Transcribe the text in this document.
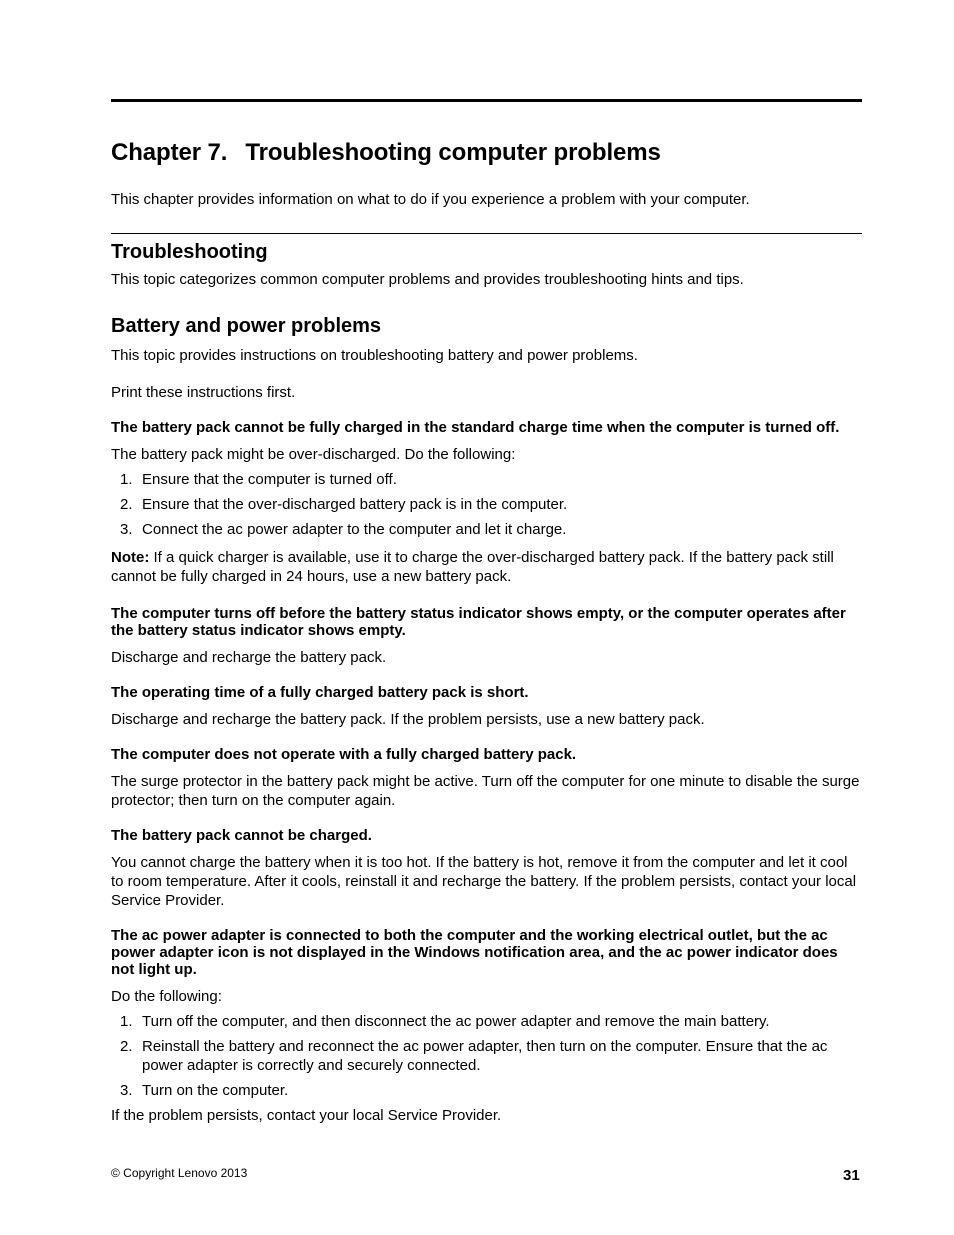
Chapter 7. Troubleshooting computer problems

This chapter provides information on what to do if you experience a problem with your computer.

Troubleshooting

This topic categorizes common computer problems and provides troubleshooting hints and tips.

Battery and power problems

This topic provides instructions on troubleshooting battery and power problems.

Print these instructions first.

The battery pack cannot be fully charged in the standard charge time when the computer is turned off.

The battery pack might be over-discharged. Do the following:

1. Ensure that the computer is turned off.
2. Ensure that the over-discharged battery pack is in the computer.
3. Connect the ac power adapter to the computer and let it charge.

Note: If a quick charger is available, use it to charge the over-discharged battery pack. If the battery pack still cannot be fully charged in 24 hours, use a new battery pack.

The computer turns off before the battery status indicator shows empty, or the computer operates after the battery status indicator shows empty.

Discharge and recharge the battery pack.

The operating time of a fully charged battery pack is short.

Discharge and recharge the battery pack. If the problem persists, use a new battery pack.

The computer does not operate with a fully charged battery pack.

The surge protector in the battery pack might be active. Turn off the computer for one minute to disable the surge protector; then turn on the computer again.

The battery pack cannot be charged.

You cannot charge the battery when it is too hot. If the battery is hot, remove it from the computer and let it cool to room temperature. After it cools, reinstall it and recharge the battery. If the problem persists, contact your local Service Provider.

The ac power adapter is connected to both the computer and the working electrical outlet, but the ac power adapter icon is not displayed in the Windows notification area, and the ac power indicator does not light up.

Do the following:

1. Turn off the computer, and then disconnect the ac power adapter and remove the main battery.
2. Reinstall the battery and reconnect the ac power adapter, then turn on the computer. Ensure that the ac power adapter is correctly and securely connected.
3. Turn on the computer.

If the problem persists, contact your local Service Provider.

© Copyright Lenovo 2013	31
